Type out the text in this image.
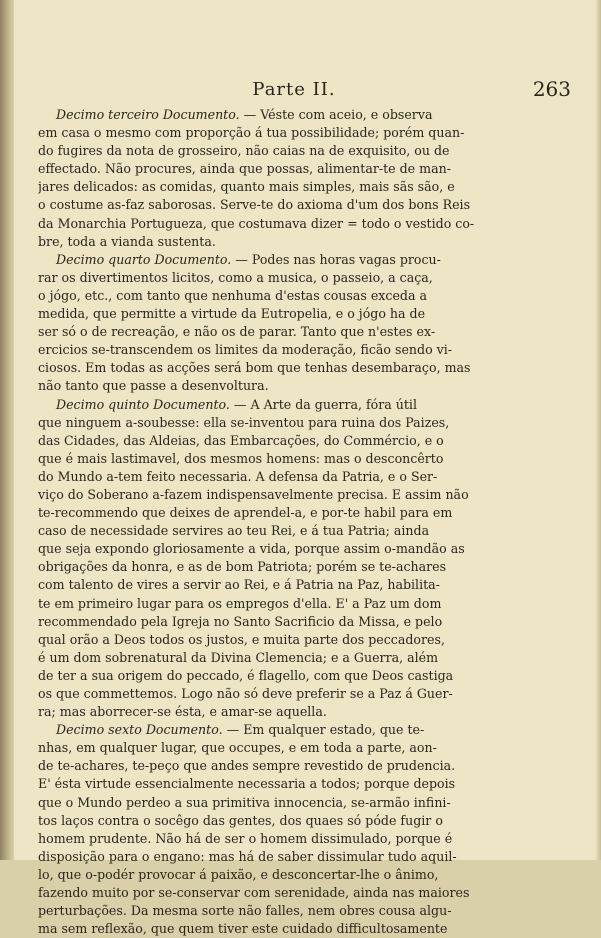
Parte II.	263
Decimo terceiro Documento. — Véste com aceio, e observa
em casa o mesmo com proporção á tua possibilidade; porém quan-
do fugires da nota de grosseiro, não caias na de exquisito, ou de
effectado. Não procures, ainda que possas, alimentar-te de man-
jares delicados: as comidas, quanto mais simples, mais sãs são, e
o costume as-faz saborosas. Serve-te do axioma d'um dos bons Reis
da Monarchia Portugueza, que costumava dizer = todo o vestido co-
bre, toda a vianda sustenta.
Decimo quarto Documento. — Podes nas horas vagas procu-
rar os divertimentos licitos, como a musica, o passeio, a caça,
o jógo, etc., com tanto que nenhuma d'estas cousas exceda a
medida, que permitte a virtude da Eutropelia, e o jógo ha de
ser só o de recreação, e não os de parar. Tanto que n'estes ex-
ercicios se-transcendem os limites da moderação, ficão sendo vi-
ciosos. Em todas as acções será bom que tenhas desembaraço, mas
não tanto que passe a desenvoltura.
Decimo quinto Documento. — A Arte da guerra, fóra útil
que ninguem a-soubesse: ella se-inventou para ruina dos Paizes,
das Cidades, das Aldeias, das Embarcações, do Commércio, e o
que é mais lastimavel, dos mesmos homens: mas o desconcêrto
do Mundo a-tem feito necessaria. A defensa da Patria, e o Ser-
viço do Soberano a-fazem indispensavelmente precisa. E assim não
te-recommendo que deixes de aprendel-a, e por-te habil para em
caso de necessidade servires ao teu Rei, e á tua Patria; ainda
que seja expondo gloriosamente a vida, porque assim o-mandão as
obrigações da honra, e as de bom Patriota; porém se te-achares
com talento de vires a servir ao Rei, e á Patria na Paz, habilita-
te em primeiro lugar para os empregos d'ella. E' a Paz um dom
recommendado pela Igreja no Santo Sacrificio da Missa, e pelo
qual orão a Deos todos os justos, e muita parte dos peccadores,
é um dom sobrenatural da Divina Clemencia; e a Guerra, além
de ter a sua origem do peccado, é flagello, com que Deos castiga
os que commettemos. Logo não só deve preferir se a Paz á Guer-
ra; mas aborrecer-se ésta, e amar-se aquella.
Decimo sexto Documento. — Em qualquer estado, que te-
nhas, em qualquer lugar, que occupes, e em toda a parte, aon-
de te-achares, te-peço que andes sempre revestido de prudencia.
E' ésta virtude essencialmente necessaria a todos; porque depois
que o Mundo perdeo a sua primitiva innocencia, se-armão infini-
tos laços contra o socêgo das gentes, dos quaes só póde fugir o
homem prudente. Não há de ser o homem dissimulado, porque é
disposição para o engano: mas há de saber dissimular tudo aquil-
lo, que o-podér provocar á paixão, e desconcertar-lhe o ânimo,
fazendo muito por se-conservar com serenidade, ainda nas maiores
perturbações. Da mesma sorte não falles, nem obres cousa algu-
ma sem reflexão, que quem tiver este cuidado difficultosamente
